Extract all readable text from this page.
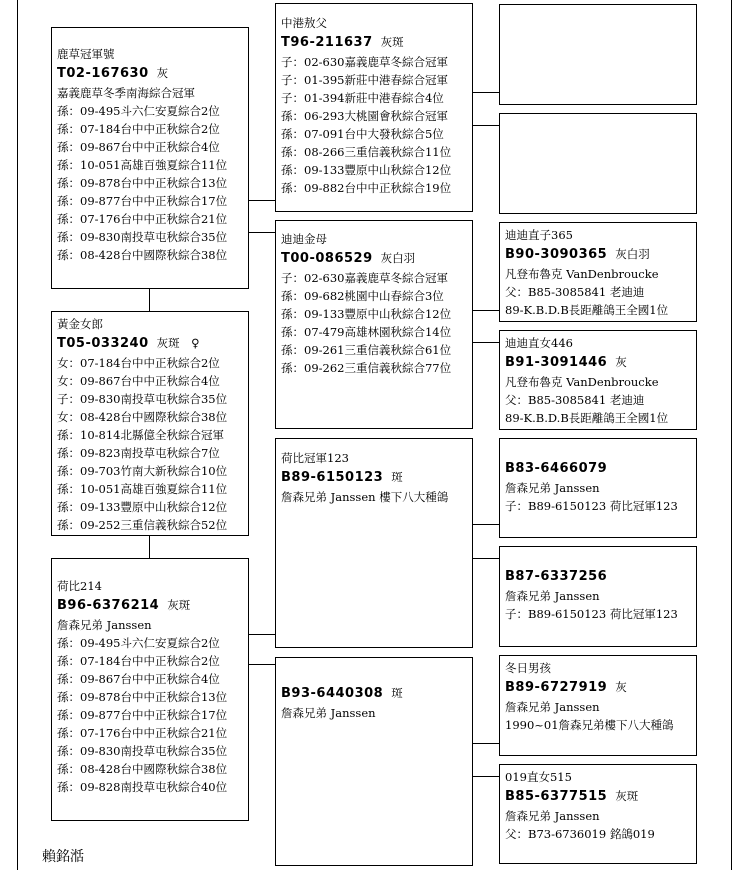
鹿草冠軍號
T02-167630 灰
嘉義鹿草冬季南海綜合冠軍
孫：09-495斗六仁安夏綜合2位
孫：07-184台中中正秋綜合2位
孫：09-867台中中正秋綜合4位
孫：10-051高雄百強夏綜合11位
孫：09-878台中中正秋綜合13位
孫：09-877台中中正秋綜合17位
孫：07-176台中中正秋綜合21位
孫：09-830南投草屯秋綜合35位
孫：08-428台中國際秋綜合38位
黃金女郎
T05-033240 灰斑　♀
女：07-184台中中正秋綜合2位
女：09-867台中中正秋綜合4位
子：09-830南投草屯秋綜合35位
女：08-428台中國際秋綜合38位
孫：10-814北縣億全秋綜合冠軍
孫：09-823南投草屯秋綜合7位
孫：09-703竹南大新秋綜合10位
孫：10-051高雄百強夏綜合11位
孫：09-133豐原中山秋綜合12位
孫：09-252三重信義秋綜合52位
荷比214
B96-6376214 灰斑
詹森兄弟 Janssen
孫：09-495斗六仁安夏綜合2位
孫：07-184台中中正秋綜合2位
孫：09-867台中中正秋綜合4位
孫：09-878台中中正秋綜合13位
孫：09-877台中中正秋綜合17位
孫：07-176台中中正秋綜合21位
孫：09-830南投草屯秋綜合35位
孫：08-428台中國際秋綜合38位
孫：09-828南投草屯秋綜合40位
中港敖父
T96-211637 灰斑
子：02-630嘉義鹿草冬綜合冠軍
子：01-395新莊中港春綜合冠軍
子：01-394新莊中港春綜合4位
孫：06-293大桃園會秋綜合冠軍
孫：07-091台中大發秋綜合5位
孫：08-266三重信義秋綜合11位
孫：09-133豐原中山秋綜合12位
孫：09-882台中中正秋綜合19位
迪迪金母
T00-086529 灰白羽
子：02-630嘉義鹿草冬綜合冠軍
孫：09-682桃園中山春綜合3位
孫：09-133豐原中山秋綜合12位
孫：07-479高雄林園秋綜合14位
孫：09-261三重信義秋綜合61位
孫：09-262三重信義秋綜合77位
荷比冠軍123
B89-6150123 斑
詹森兄弟 Janssen 樓下八大種鴿
B93-6440308 斑
詹森兄弟 Janssen
迪迪直子365
B90-3090365 灰白羽
凡登布魯克 VanDenbroucke
父：B85-3085841 老迪迪
89-K.B.D.B長距離鴿王全國1位
迪迪直女446
B91-3091446 灰
凡登布魯克 VanDenbroucke
父：B85-3085841 老迪迪
89-K.B.D.B長距離鴿王全國1位
B83-6466079
詹森兄弟 Janssen
子：B89-6150123 荷比冠軍123
B87-6337256
詹森兄弟 Janssen
子：B89-6150123 荷比冠軍123
冬日男孩
B89-6727919 灰
詹森兄弟 Janssen
1990~01詹森兄弟樓下八大種鴿
019直女515
B85-6377515 灰斑
詹森兄弟 Janssen
父：B73-6736019 銘鴿019
賴銘湉
